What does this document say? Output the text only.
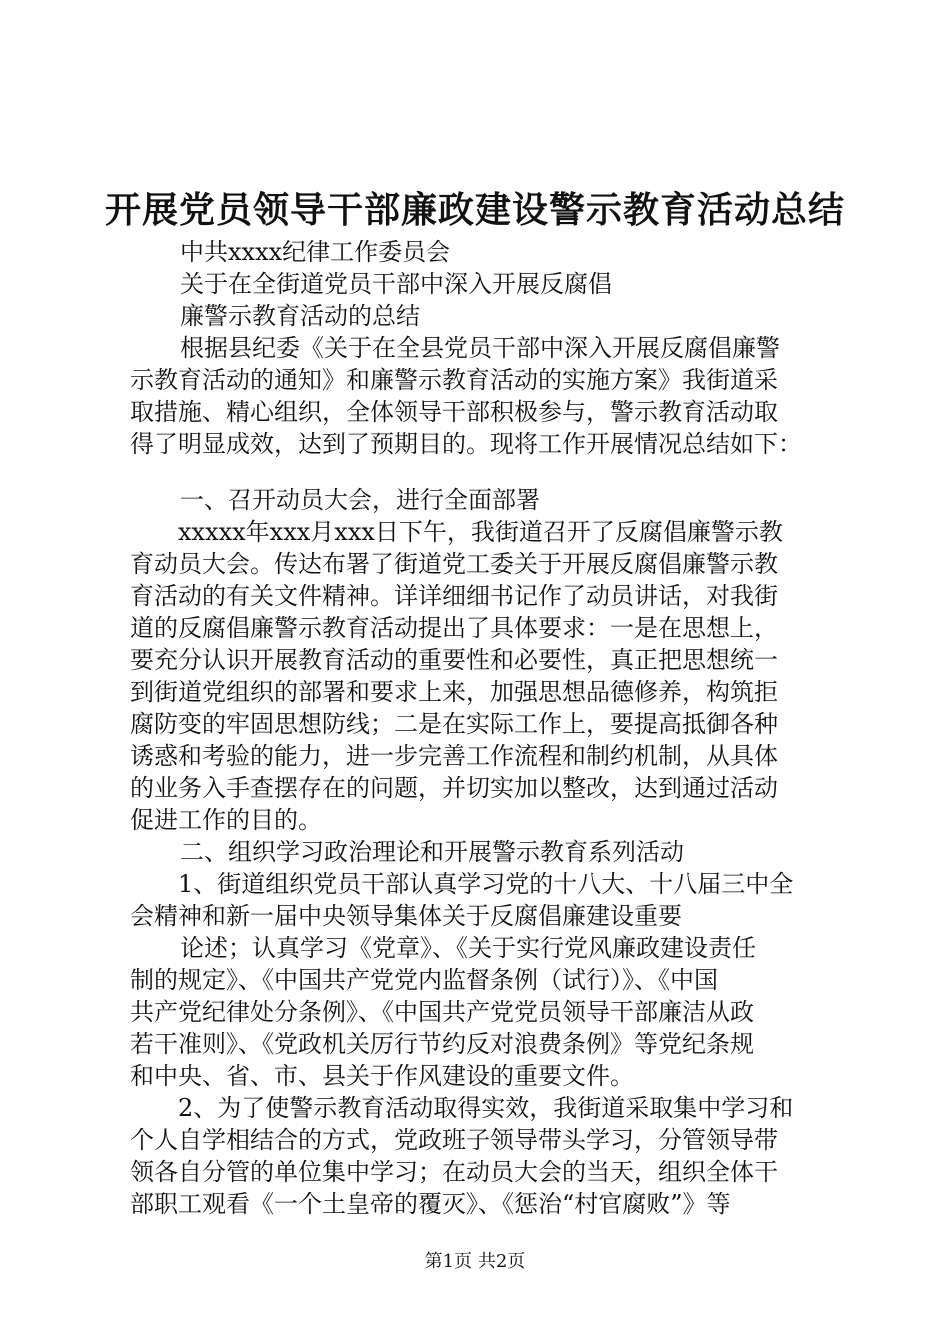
开展党员领导干部廉政建设警示教育活动总结

中共xxxx纪律工作委员会

关于在全街道党员干部中深入开展反腐倡

廉警示教育活动的总结

根据县纪委《关于在全县党员干部中深入开展反腐倡廉警

示教育活动的通知》和廉警示教育活动的实施方案》我街道采

取措施、精心组织，全体领导干部积极参与，警示教育活动取

得了明显成效，达到了预期目的。现将工作开展情况总结如下：

一、召开动员大会，进行全面部署

xxxxx年xxx月xxx日下午，我街道召开了反腐倡廉警示教

育动员大会。传达布署了街道党工委关于开展反腐倡廉警示教

育活动的有关文件精神。详详细细书记作了动员讲话，对我街

道的反腐倡廉警示教育活动提出了具体要求：一是在思想上，

要充分认识开展教育活动的重要性和必要性，真正把思想统一

到街道党组织的部署和要求上来，加强思想品德修养，构筑拒

腐防变的牢固思想防线；二是在实际工作上，要提高抵御各种

诱惑和考验的能力，进一步完善工作流程和制约机制，从具体

的业务入手查摆存在的问题，并切实加以整改，达到通过活动

促进工作的目的。

二、组织学习政治理论和开展警示教育系列活动

1、街道组织党员干部认真学习党的十八大、十八届三中全

会精神和新一届中央领导集体关于反腐倡廉建设重要

论述；认真学习《党章》、《关于实行党风廉政建设责任

制的规定》、《中国共产党党内监督条例（试行）》、《中国

共产党纪律处分条例》、《中国共产党党员领导干部廉洁从政

若干准则》、《党政机关厉行节约反对浪费条例》等党纪条规

和中央、省、市、县关于作风建设的重要文件。

2、为了使警示教育活动取得实效，我街道采取集中学习和

个人自学相结合的方式，党政班子领导带头学习，分管领导带

领各自分管的单位集中学习；在动员大会的当天，组织全体干

部职工观看《一个土皇帝的覆灭》、《惩治“村官腐败”》等

第1页 共2页
